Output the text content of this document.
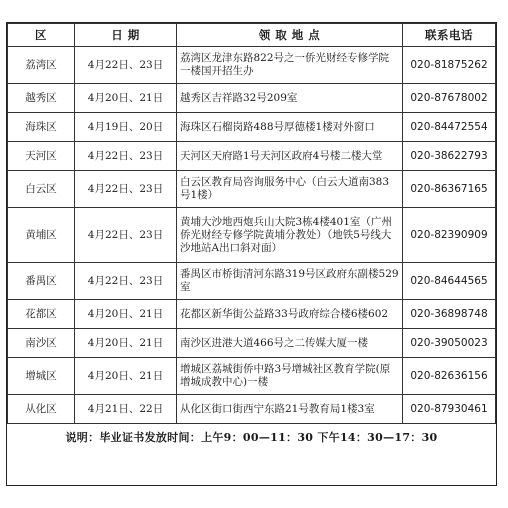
区	日 期	领 取 地 点	联系电话
荔湾区	4月22日、23日	荔湾区龙津东路822号之一侨光财经专修学院一楼国开招生办	020-81875262
越秀区	4月20日、21日	越秀区吉祥路32号209室	020-87678002
海珠区	4月19日、20日	海珠区石榴岗路488号厚德楼1楼对外窗口	020-84472554
天河区	4月22日、23日	天河区天府路1号天河区政府4号楼二楼大堂	020-38622793
白云区	4月22日、23日	白云区教育局咨询服务中心（白云大道南383号1楼）	020-86367165
黄埔区	4月22日、23日	黄埔大沙地西炮兵山大院3栋4楼401室（广州侨光财经专修学院黄埔分教处）（地铁5号线大沙地站A出口斜对面）	020-82390909
番禺区	4月22日、23日	番禺区市桥街清河东路319号区政府东副楼529室	020-84644565
花都区	4月20日、21日	花都区新华街公益路33号政府综合楼6楼602	020-36898748
南沙区	4月20日、21日	南沙区进港大道466号之二传媒大厦一楼	020-39050023
增城区	4月20日、21日	增城区荔城街侨中路3号增城社区教育学院(原增城成教中心)一楼	020-82636156
从化区	4月21日、22日	从化区街口街西宁东路21号教育局1楼3室	020-87930461
说明：毕业证书发放时间：上午9：00—11：30 下午14：30—17：30
